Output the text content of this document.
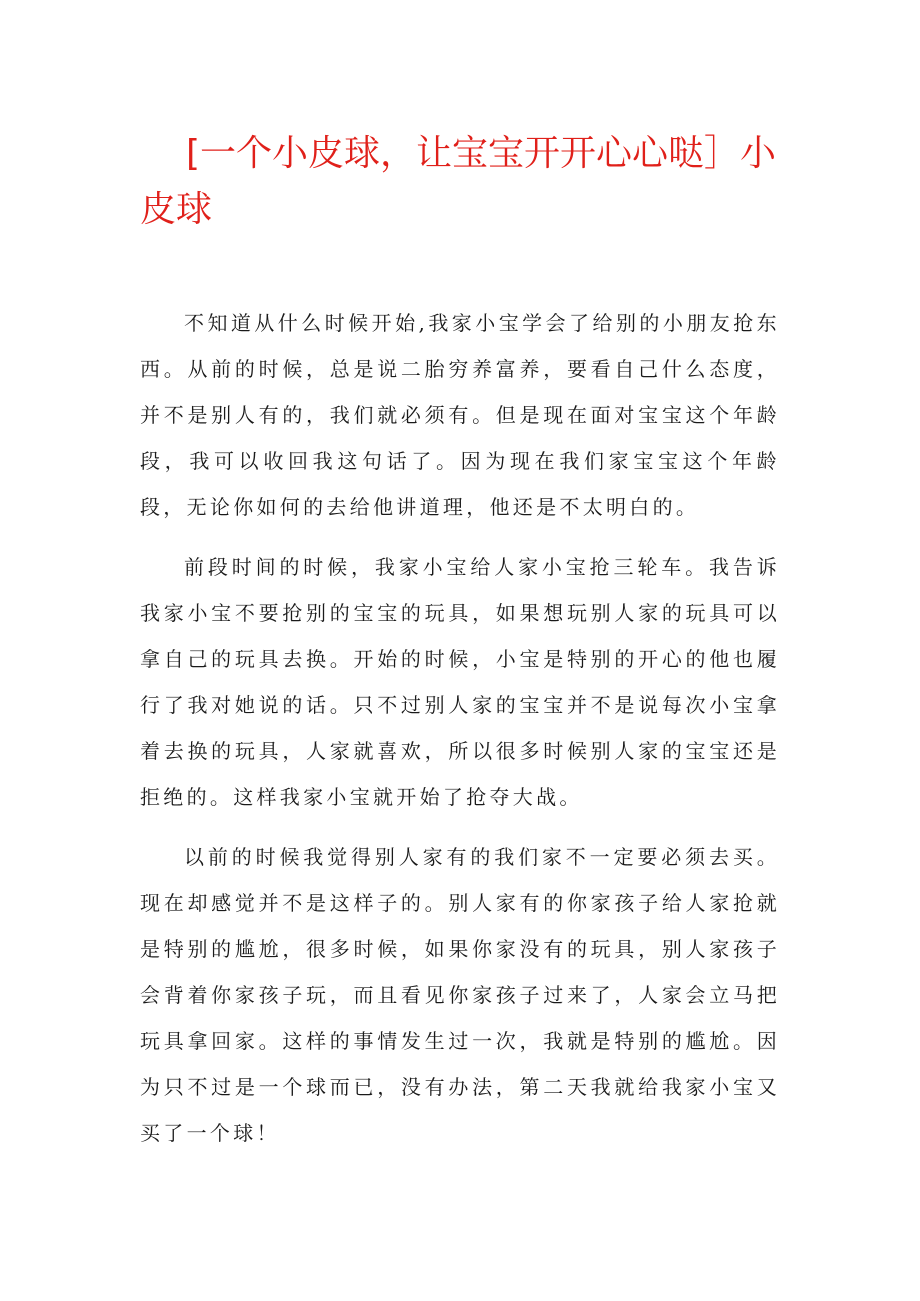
[一个小皮球，让宝宝开开心心哒］小皮球

不知道从什么时候开始,我家小宝学会了给别的小朋友抢东西。从前的时候，总是说二胎穷养富养，要看自己什么态度，并不是别人有的，我们就必须有。但是现在面对宝宝这个年龄段，我可以收回我这句话了。因为现在我们家宝宝这个年龄段，无论你如何的去给他讲道理，他还是不太明白的。

前段时间的时候，我家小宝给人家小宝抢三轮车。我告诉我家小宝不要抢别的宝宝的玩具，如果想玩别人家的玩具可以拿自己的玩具去换。开始的时候，小宝是特别的开心的他也履行了我对她说的话。只不过别人家的宝宝并不是说每次小宝拿着去换的玩具，人家就喜欢，所以很多时候别人家的宝宝还是拒绝的。这样我家小宝就开始了抢夺大战。

以前的时候我觉得别人家有的我们家不一定要必须去买。现在却感觉并不是这样子的。别人家有的你家孩子给人家抢就是特别的尴尬，很多时候，如果你家没有的玩具，别人家孩子会背着你家孩子玩，而且看见你家孩子过来了，人家会立马把玩具拿回家。这样的事情发生过一次，我就是特别的尴尬。因为只不过是一个球而已，没有办法，第二天我就给我家小宝又买了一个球！
